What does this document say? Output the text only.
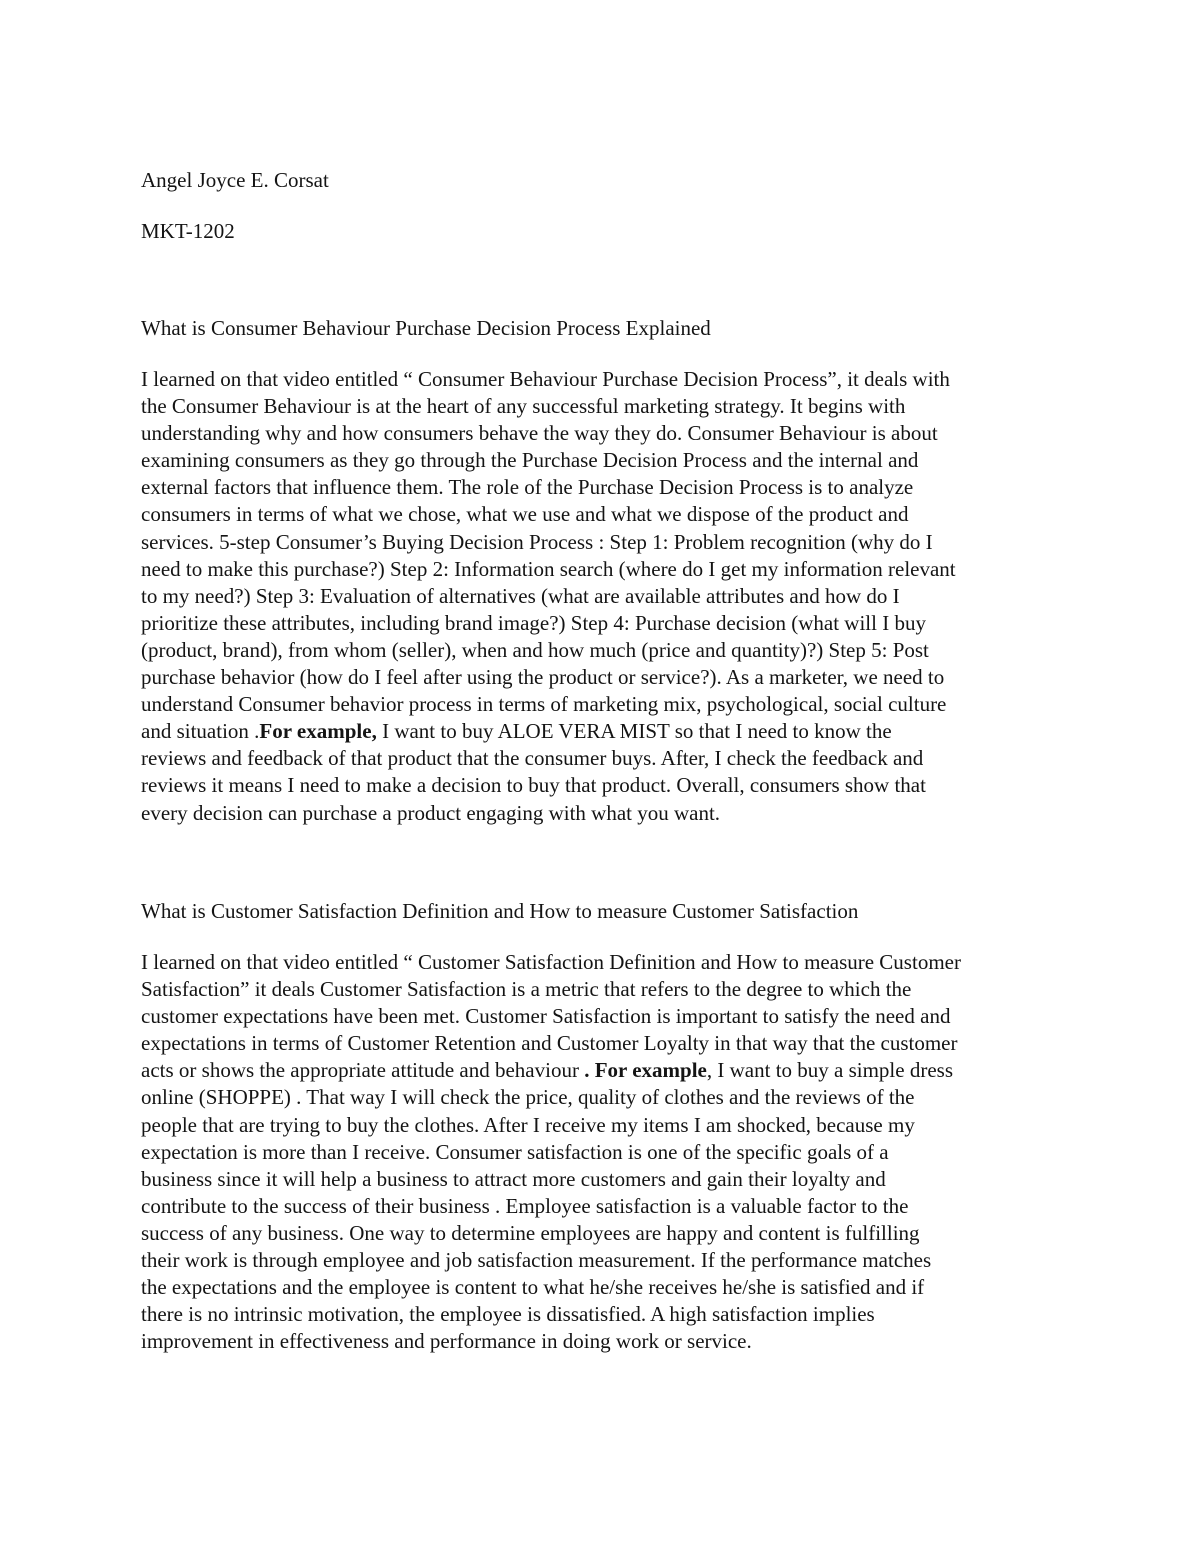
Angel Joyce E. Corsat

MKT-1202

What is Consumer Behaviour Purchase Decision Process Explained

I learned on that video entitled “ Consumer Behaviour Purchase Decision Process”, it deals with
the Consumer Behaviour is at the heart of any successful marketing strategy. It begins with
understanding why and how consumers behave the way they do. Consumer Behaviour is about
examining consumers as they go through the Purchase Decision Process and the internal and
external factors that influence them. The role of the Purchase Decision Process is to analyze
consumers in terms of what we chose, what we use and what we dispose of the product and
services. 5-step Consumer’s Buying Decision Process : Step 1: Problem recognition (why do I
need to make this purchase?) Step 2: Information search (where do I get my information relevant
to my need?) Step 3: Evaluation of alternatives (what are available attributes and how do I
prioritize these attributes, including brand image?) Step 4: Purchase decision (what will I buy
(product, brand), from whom (seller), when and how much (price and quantity)?) Step 5: Post
purchase behavior (how do I feel after using the product or service?). As a marketer, we need to
understand Consumer behavior process in terms of marketing mix, psychological, social culture
and situation .For example, I want to buy ALOE VERA MIST so that I need to know the
reviews and feedback of that product that the consumer buys. After, I check the feedback and
reviews it means I need to make a decision to buy that product. Overall, consumers show that
every decision can purchase a product engaging with what you want.

What is Customer Satisfaction Definition and How to measure Customer Satisfaction

I learned on that video entitled “ Customer Satisfaction Definition and How to measure Customer
Satisfaction” it deals Customer Satisfaction is a metric that refers to the degree to which the
customer expectations have been met. Customer Satisfaction is important to satisfy the need and
expectations in terms of Customer Retention and Customer Loyalty in that way that the customer
acts or shows the appropriate attitude and behaviour . For example, I want to buy a simple dress
online (SHOPPE) . That way I will check the price, quality of clothes and the reviews of the
people that are trying to buy the clothes. After I receive my items I am shocked, because my
expectation is more than I receive. Consumer satisfaction is one of the specific goals of a
business since it will help a business to attract more customers and gain their loyalty and
contribute to the success of their business . Employee satisfaction is a valuable factor to the
success of any business. One way to determine employees are happy and content is fulfilling
their work is through employee and job satisfaction measurement. If the performance matches
the expectations and the employee is content to what he/she receives he/she is satisfied and if
there is no intrinsic motivation, the employee is dissatisfied. A high satisfaction implies
improvement in effectiveness and performance in doing work or service.
